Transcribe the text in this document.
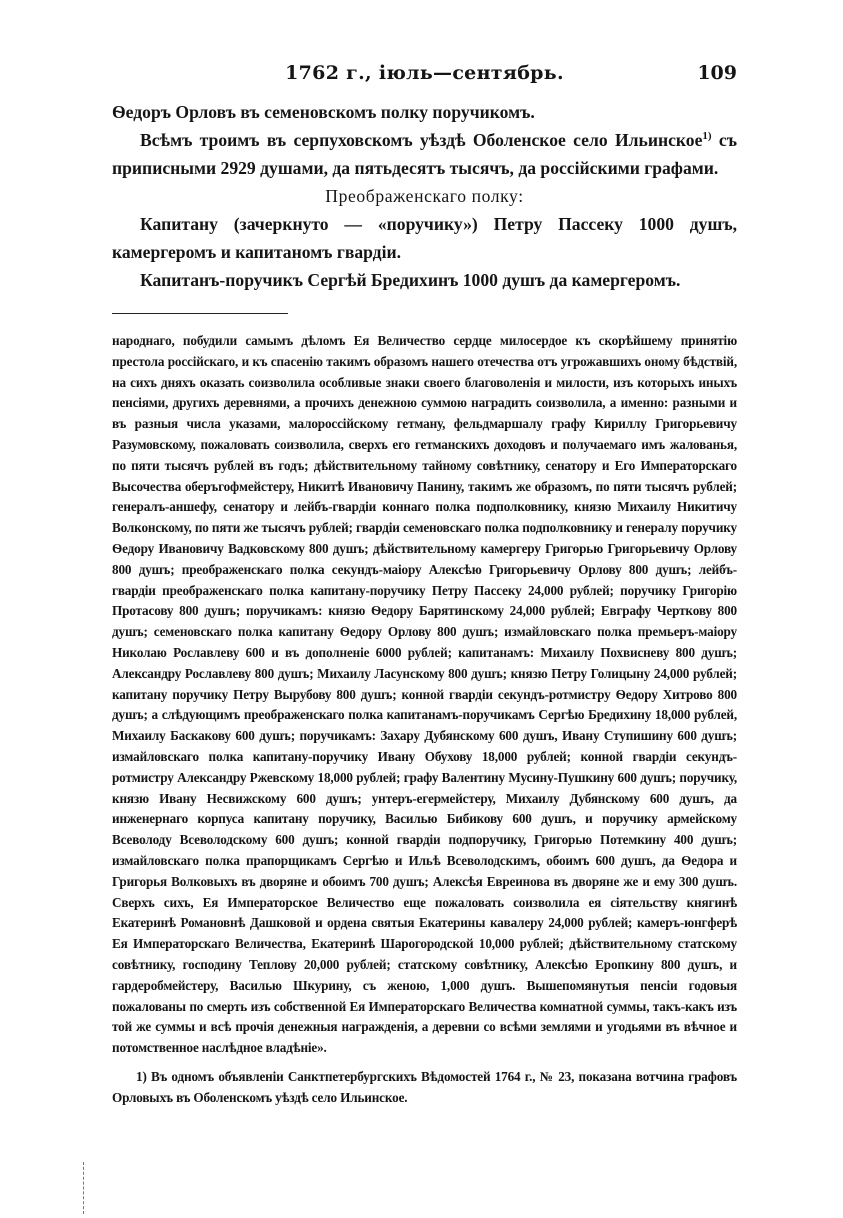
1762 г., іюль—сентябрь.	109

Ѳедоръ Орловъ въ семеновскомъ полку поручикомъ.

Всѣмъ троимъ въ серпуховскомъ уѣздѣ Оболенское село Ильинское$^{1)}$ съ приписными 2929 душами, да пятьдесятъ тысячъ, да россійскими графами.

Преображенскаго полку:

Капитану (зачеркнуто — «поручику») Петру Пассеку 1000 душъ, камергеромъ и капитаномъ гвардіи.

Капитанъ-поручикъ Сергѣй Бредихинъ 1000 душъ да камергеромъ.

народнаго, побудили самымъ дѣломъ Ея Величество сердце милосердое къ скорѣйшему принятію престола россійскаго, и къ спасенію такимъ образомъ нашего отечества отъ угрожавшихъ оному бѣдствій, на сихъ дняхъ оказать соизволила особливые знаки своего благоволенія и милости, изъ которыхъ иныхъ пенсіями, другихъ деревнями, а прочихъ денежною суммою наградить соизволила, а именно: разными и въ разныя числа указами, малороссійскому гетману, фельдмаршалу графу Кириллу Григорьевичу Разумовскому, пожаловать соизволила, сверхъ его гетманскихъ доходовъ и получаемаго имъ жалованья, по пяти тысячъ рублей въ годъ; дѣйствительному тайному совѣтнику, сенатору и Его Императорскаго Высочества оберъгофмейстеру, Никитѣ Ивановичу Панину, такимъ же образомъ, по пяти тысячъ рублей; генералъ-аншефу, сенатору и лейбъ-гвардіи коннаго полка подполковнику, князю Михаилу Никитичу Волконскому, по пяти же тысячъ рублей; гвардіи семеновскаго полка подполковнику и генералу поручику Ѳедору Ивановичу Вадковскому 800 душъ; дѣйствительному камергеру Григорью Григорьевичу Орлову 800 душъ; преображенскаго полка секундъ-маіору Алексѣю Григорьевичу Орлову 800 душъ; лейбъ-гвардіи преображенскаго полка капитану-поручику Петру Пассеку 24,000 рублей; поручику Григорію Протасову 800 душъ; поручикамъ: князю Ѳедору Барятинскому 24,000 рублей; Евграфу Черткову 800 душъ; семеновскаго полка капитану Ѳедору Орлову 800 душъ; измайловскаго полка премьеръ-маіору Николаю Рославлеву 600 и въ дополненіе 6000 рублей; капитанамъ: Михаилу Похвисневу 800 душъ; Александру Рославлеву 800 душъ; Михаилу Ласунскому 800 душъ; князю Петру Голицыну 24,000 рублей; капитану поручику Петру Вырубову 800 душъ; конной гвардіи секундъ-ротмистру Ѳедору Хитрово 800 душъ; а слѣдующимъ преображенскаго полка капитанамъ-поручикамъ Сергѣю Бредихину 18,000 рублей, Михаилу Баскакову 600 душъ; поручикамъ: Захару Дубянскому 600 душъ, Ивану Ступишину 600 душъ; измайловскаго полка капитану-поручику Ивану Обухову 18,000 рублей; конной гвардіи секундъ-ротмистру Александру Ржевскому 18,000 рублей; графу Валентину Мусину-Пушкину 600 душъ; поручику, князю Ивану Несвижскому 600 душъ; унтеръ-егермейстеру, Михаилу Дубянскому 600 душъ, да инженернаго корпуса капитану поручику, Василью Бибикову 600 душъ, и поручику армейскому Всеволоду Всеволодскому 600 душъ; конной гвардіи подпоручику, Григорью Потемкину 400 душъ; измайловскаго полка прапорщикамъ Сергѣю и Ильѣ Всеволодскимъ, обоимъ 600 душъ, да Ѳедора и Григорья Волковыхъ въ дворяне и обоимъ 700 душъ; Алексѣя Евреинова въ дворяне же и ему 300 душъ. Сверхъ сихъ, Ея Императорское Величество еще пожаловать соизволила ея сіятельству княгинѣ Екатеринѣ Романовнѣ Дашковой и ордена святыя Екатерины кавалеру 24,000 рублей; камеръ-юнгферѣ Ея Императорскаго Величества, Екатеринѣ Шарогородской 10,000 рублей; дѣйствительному статскому совѣтнику, господину Теплову 20,000 рублей; статскому совѣтнику, Алексѣю Еропкину 800 душъ, и гардеробмейстеру, Василью Шкурину, съ женою, 1,000 душъ. Вышепомянутыя пенсіи годовыя пожалованы по смерть изъ собственной Ея Императорскаго Величества комнатной суммы, такъ-какъ изъ той же суммы и всѣ прочія денежныя награжденія, а деревни со всѣми землями и угодьями въ вѣчное и потомственное наслѣдное владѣніе».

1) Въ одномъ объявленіи Санктпетербургскихъ Вѣдомостей 1764 г., № 23, показана вотчина графовъ Орловыхъ въ Оболенскомъ уѣздѣ село Ильинское.
